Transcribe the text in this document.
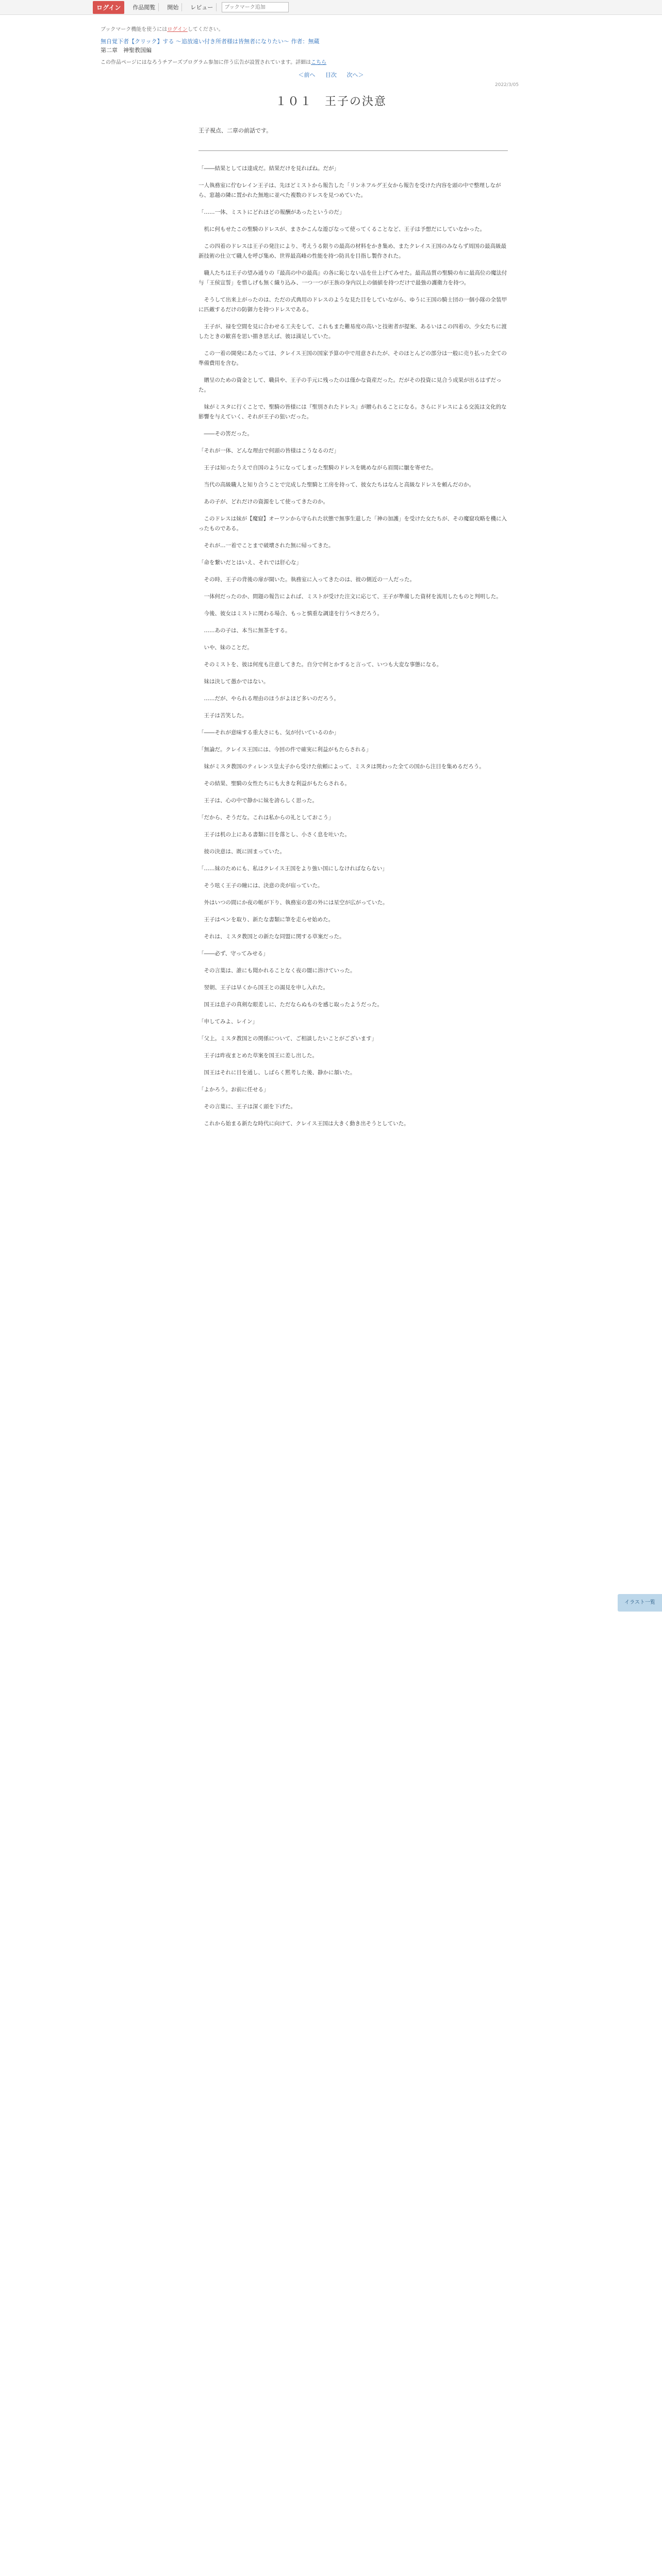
ログイン	作品閲覧	開始	レビュー
ブックマーク追加
ブックマーク機能を使うにはログインしてください。
無自覚下者【クリック】する ～追放遠い付き所者様は皆無者になりたい～ 作者：無蔵
第二章　神聖教国編
この作品ページにはなろうチアーズプログラム参加に伴う広告が設置されています。詳細はこちら
＜前へ 目次 次へ＞
2022/3/05
１０１　王子の決意
王子視点、二章の前話です。

「――結果としては達成だ。結果だけを見ればね。だが」

一人執務室に佇むレイン王子は、先ほどミストから報告した「リンネフルグ王女から報告を受けた内容を頭の中で整理しながら、窓越の隣に置かれた無地に並べた複数のドレスを見つめていた。

「……一体、ミストにどれほどの報酬があったというのだ」

　机に何もせたこの聖騎のドレスが、まさかこんな遊びなって使ってくることなど、王子は予想だにしていなかった。

　この四着のドレスは王子の発注により、考えうる限りの最高の材料をかき集め、またクレイス王国のみならず周国の最高級最新技術の仕立て職人を呼び集め、世界最高峰の性能を持つ防具を目指し製作された。

　職人たちは王子の望み通りの『最高の中の最高』の各に恥じない品を仕上げてみせた。最高品質の聖騎の布に最高位の魔法付与「王侯宣誓」を惜しげも無く織り込み、一つ一つが王族の身内以上の価値を持つだけで最強の護衛力を持つ。

　そうして出来上がったのは、ただの式典用のドレスのような見た目をしていながら、ゆうに王国の騎士団の一個小隊の全装甲に匹敵するだけの防御力を持つドレスである。

　王子が、禄を空間を見に合わせる工夫をして、これもまた難易度の高いと技術者が提案、あるいはこの四着の、少女たちに渡したときの歓喜を思い描き思えば、彼は満足していた。

　この一着の開発にあたっては、クレイス王国の国家予算の中で用意されたが、そのほとんどの部分は一般に売り払った全ての準備費用を含む。

　贈呈のための資金として、職員や、王子の手元に残ったのは僅かな資産だった。だがその投資に見合う成果が出るはずだった。

　妹がミスタに行くことで、聖騎の皆様には『聖別されたドレス』が贈られることになる。さらにドレスによる交流は文化的な影響を与えていく、それが王子の狙いだった。

　――その筈だった。

「それが一体、どんな理由で何頭の皆様はこうなるのだ」

　王子は知ったうえで自国のようになってしまった聖騎のドレスを眺めながら眉間に皺を寄せた。

　当代の高級職人と知り合うことで完成した聖騎と工房を持って、彼女たちはなんと高級なドレスを頼んだのか。

　あの子が、どれだけの資源をして使ってきたのか。

　このドレスは妹が【魔窟】オーワンから守られた状態で無事生還した「神の加護」を受けた女たちが、その魔窟攻略を機に入ったものである。

　それが…一着でことまで破壊された無に帰ってきた。

「命を繋いだとはいえ、それでは肝心な」

　その時、王子の背後の扉が開いた。執務室に入ってきたのは、彼の側近の一人だった。

　一体何だったのか、問題の報告によれば、ミストが受けた注文に応じて、王子が準備した資材を流用したものと判明した。

　今後、彼女はミストに関わる場合、もっと慎重な調達を行うべきだろう。

　……あの子は、本当に無茶をする。

　いや、妹のことだ。

　そのミストを、彼は何度も注意してきた。自分で何とかすると言って、いつも大変な事態になる。

　妹は決して愚かではない。

　……だが、やられる理由のほうがよほど多いのだろう。

　王子は苦笑した。

「――それが意味する重大さにも、気が付いているのか」

「無論だ。クレイス王国には、今回の件で確実に利益がもたらされる」

　妹がミスタ教国のティレンス皇太子から受けた依頼によって、ミスタは関わった全ての国から注目を集めるだろう。

　その結果、聖騎の女性たちにも大きな利益がもたらされる。

　王子は、心の中で静かに妹を誇らしく思った。

「だから、そうだな。これは私からの礼としておこう」

　王子は机の上にある書類に目を落とし、小さく息を吐いた。

　彼の決意は、既に固まっていた。

「……妹のためにも、私はクレイス王国をより強い国にしなければならない」

　そう呟く王子の瞳には、決意の炎が宿っていた。

　外はいつの間にか夜の帳が下り、執務室の窓の外には星空が広がっていた。

　王子はペンを取り、新たな書類に筆を走らせ始めた。

　それは、ミスタ教国との新たな同盟に関する草案だった。

「――必ず、守ってみせる」

　その言葉は、誰にも聞かれることなく夜の闇に溶けていった。

　翌朝、王子は早くから国王との謁見を申し入れた。

　国王は息子の真剣な眼差しに、ただならぬものを感じ取ったようだった。

「申してみよ、レイン」

「父上。ミスタ教国との関係について、ご相談したいことがございます」

　王子は昨夜まとめた草案を国王に差し出した。

　国王はそれに目を通し、しばらく黙考した後、静かに頷いた。

「よかろう。お前に任せる」

　その言葉に、王子は深く頭を下げた。

　これから始まる新たな時代に向けて、クレイス王国は大きく動き出そうとしていた。

イラスト一覧
